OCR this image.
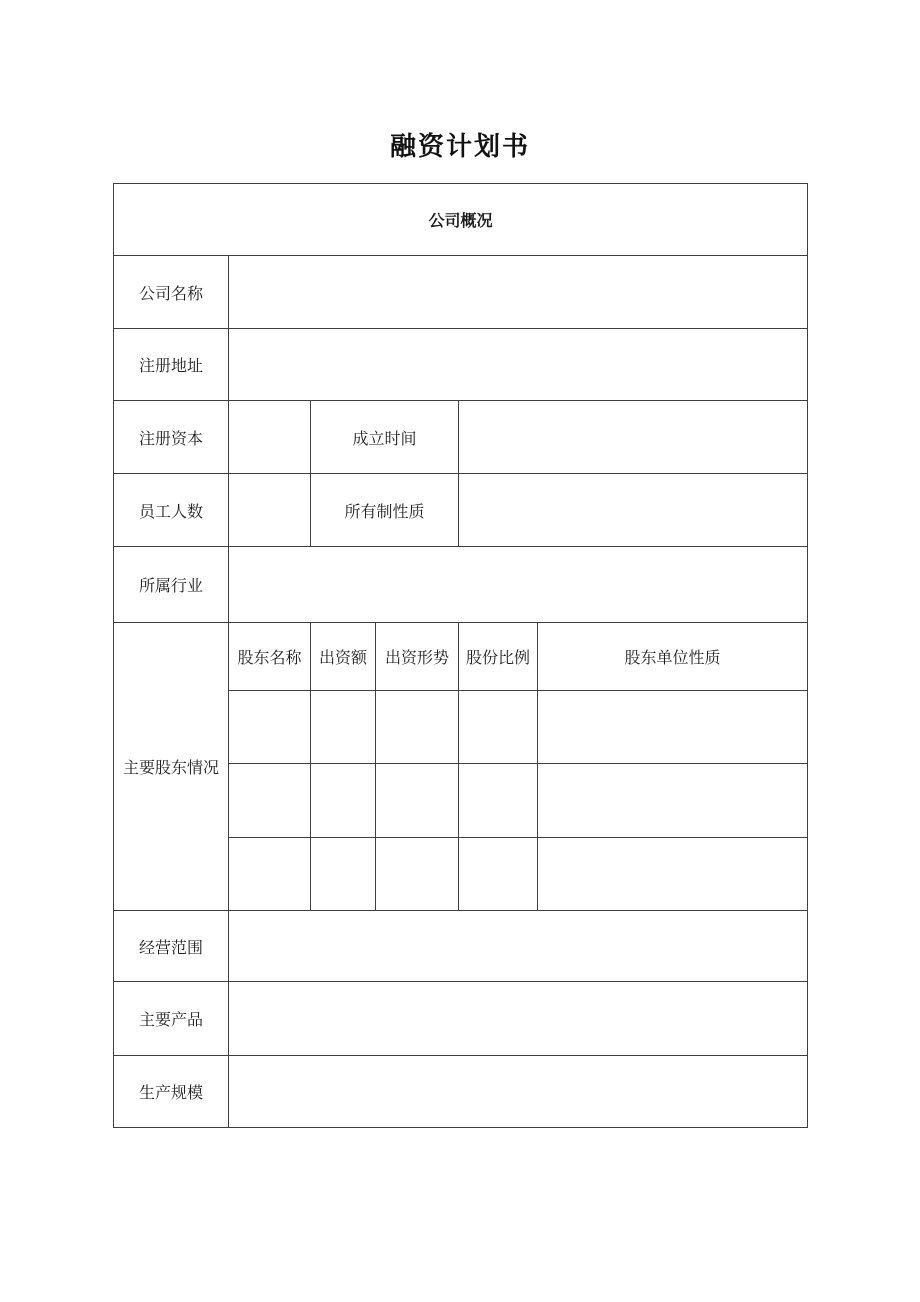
融资计划书
公司概况					
公司名称					
注册地址					
注册资本		成立时间			
员工人数		所有制性质			
所属行业					
主要股东情况	股东名称	出资额	出资形势	股份比例	股东单位性质

经营范围					
主要产品					
生产规模					
